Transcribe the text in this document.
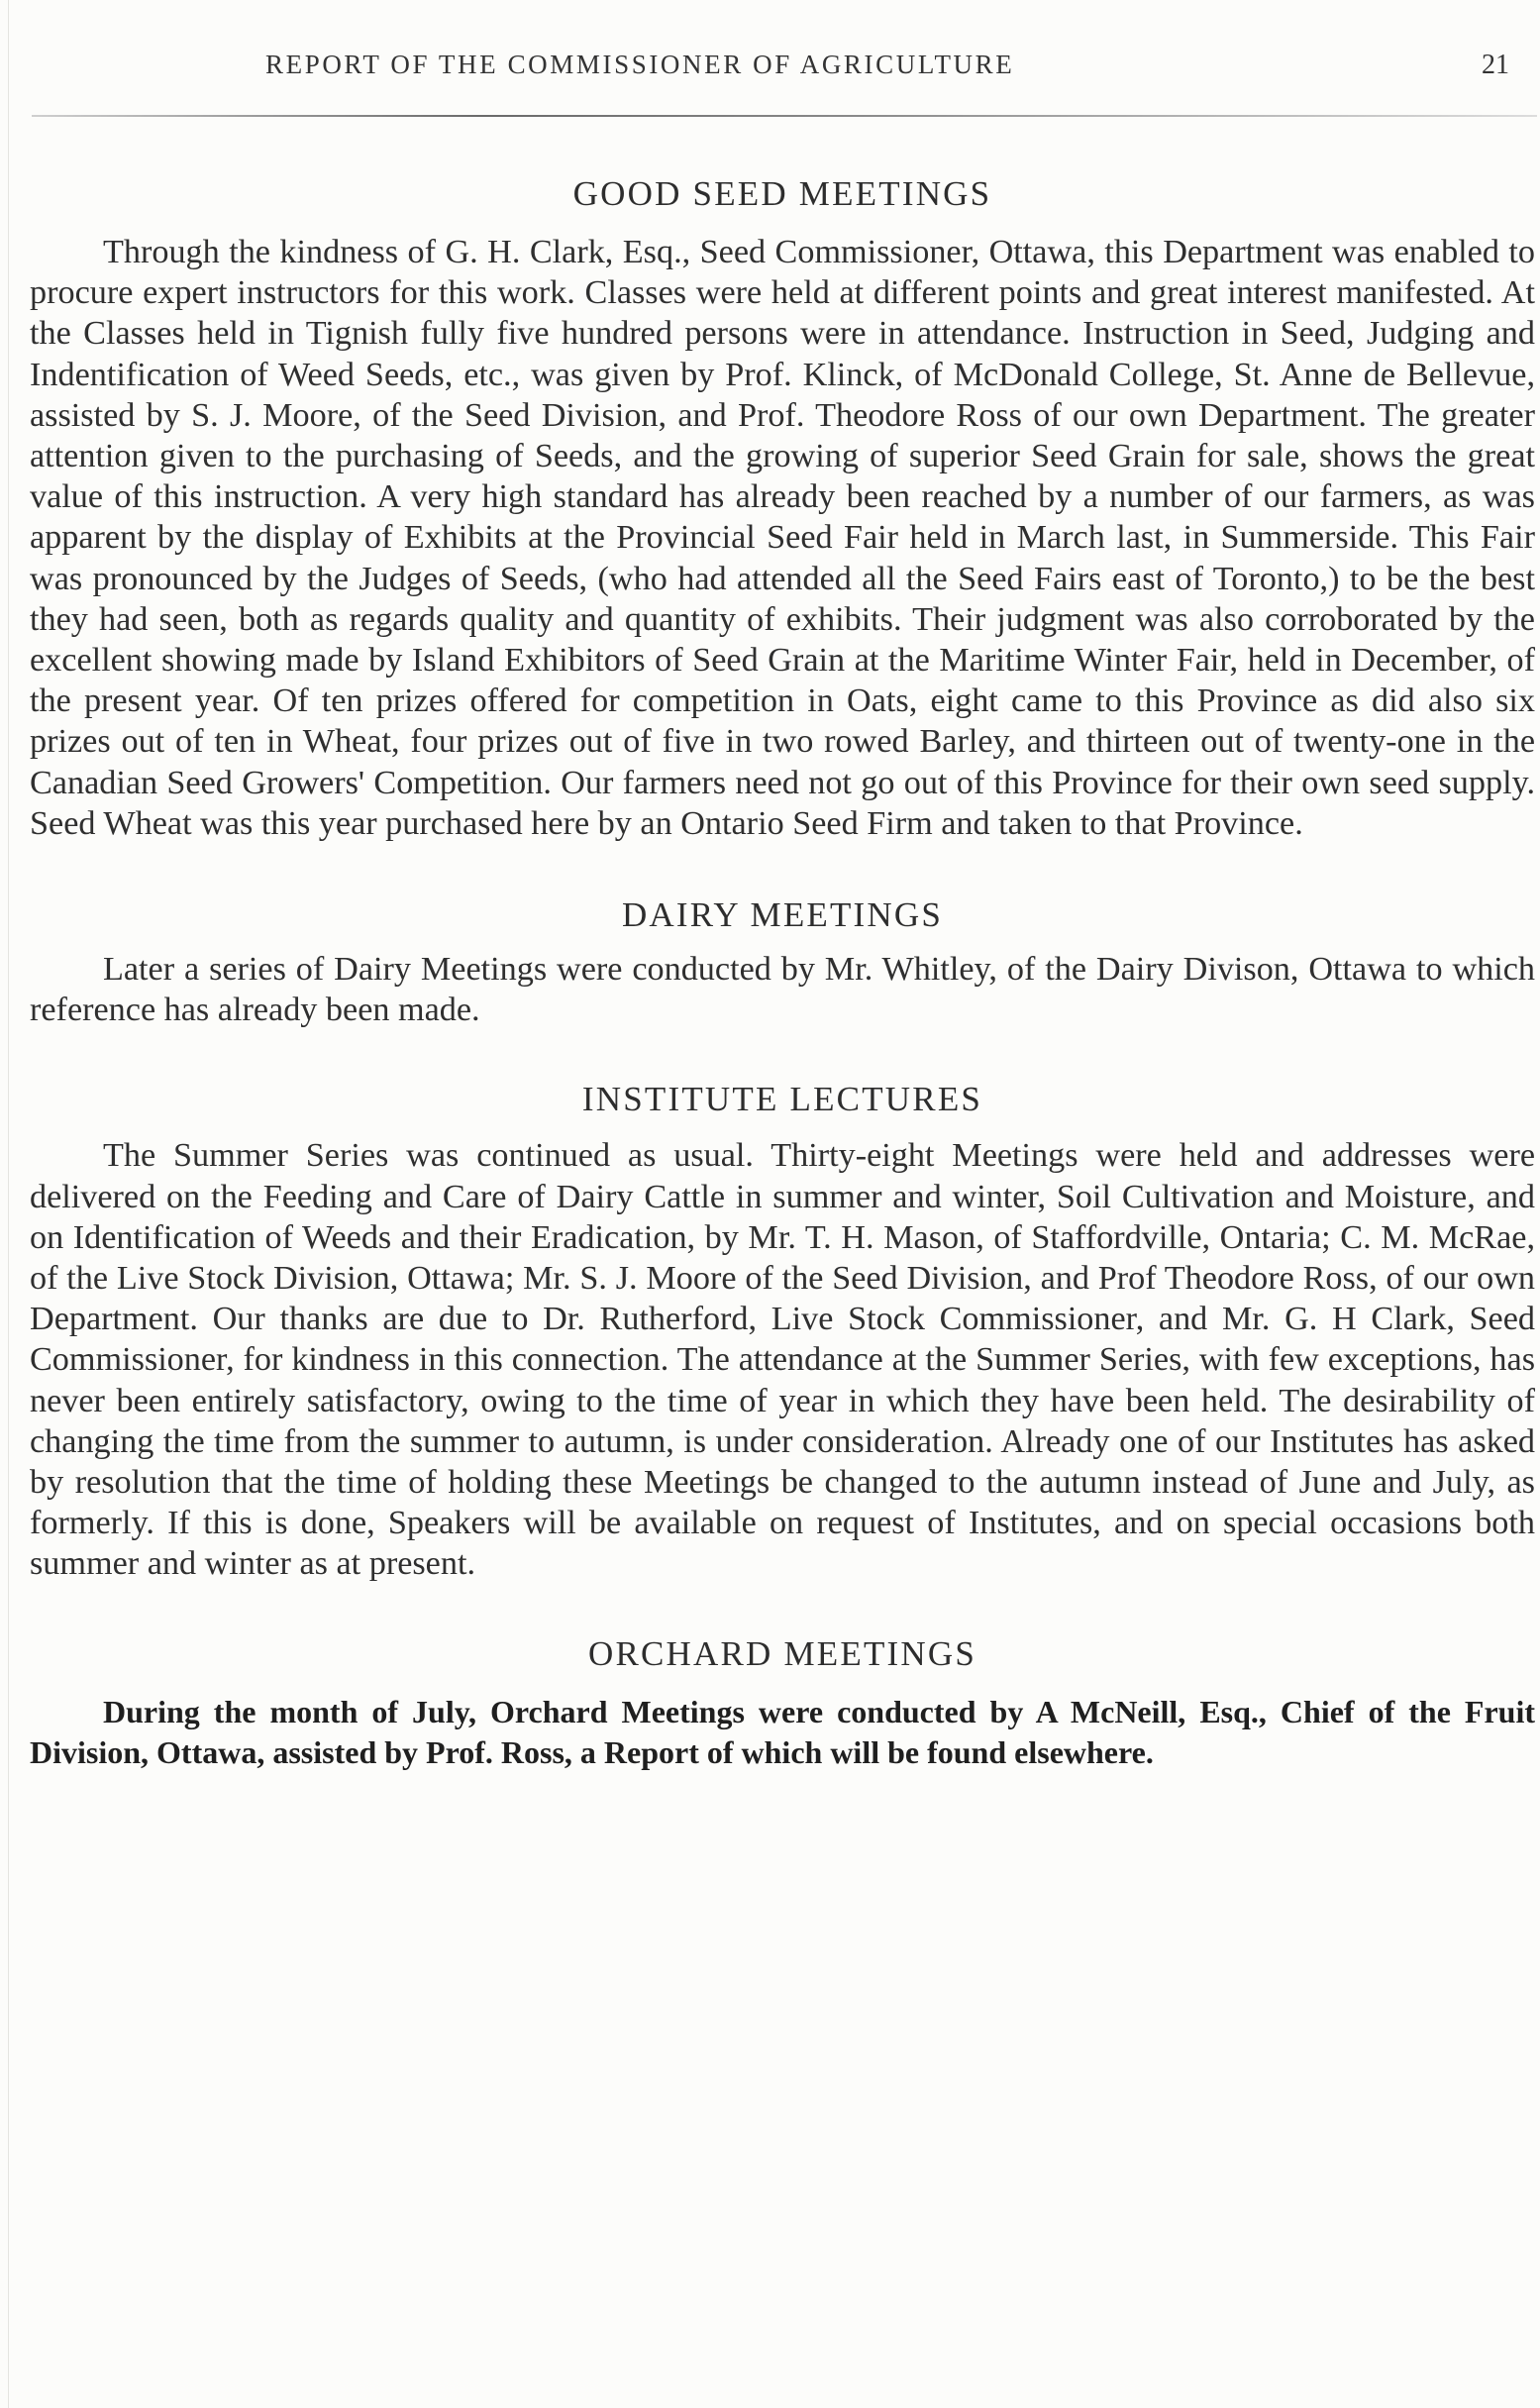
REPORT OF THE COMMISSIONER OF AGRICULTURE	21
GOOD SEED MEETINGS

Through the kindness of G. H. Clark, Esq., Seed Commissioner, Ottawa, this Department was enabled to procure expert instructors for this work. Classes were held at different points and great interest manifested. At the Classes held in Tignish fully five hundred persons were in attendance. Instruction in Seed, Judging and Indentification of Weed Seeds, etc., was given by Prof. Klinck, of McDonald College, St. Anne de Bellevue, assisted by S. J. Moore, of the Seed Division, and Prof. Theodore Ross of our own Department. The greater attention given to the purchasing of Seeds, and the growing of superior Seed Grain for sale, shows the great value of this instruction. A very high standard has already been reached by a number of our farmers, as was apparent by the display of Exhibits at the Provincial Seed Fair held in March last, in Summerside. This Fair was pronounced by the Judges of Seeds, (who had attended all the Seed Fairs east of Toronto,) to be the best they had seen, both as regards quality and quantity of exhibits. Their judgment was also corroborated by the excellent showing made by Island Exhibitors of Seed Grain at the Maritime Winter Fair, held in December, of the present year. Of ten prizes offered for competition in Oats, eight came to this Province as did also six prizes out of ten in Wheat, four prizes out of five in two rowed Barley, and thirteen out of twenty-one in the Canadian Seed Growers' Competition. Our farmers need not go out of this Province for their own seed supply. Seed Wheat was this year purchased here by an Ontario Seed Firm and taken to that Province.

DAIRY MEETINGS

Later a series of Dairy Meetings were conducted by Mr. Whitley, of the Dairy Divison, Ottawa to which reference has already been made.

INSTITUTE LECTURES

The Summer Series was continued as usual. Thirty-eight Meetings were held and addresses were delivered on the Feeding and Care of Dairy Cattle in summer and winter, Soil Cultivation and Moisture, and on Identification of Weeds and their Eradication, by Mr. T. H. Mason, of Staffordville, Ontaria; C. M. McRae, of the Live Stock Division, Ottawa; Mr. S. J. Moore of the Seed Division, and Prof Theodore Ross, of our own Department. Our thanks are due to Dr. Rutherford, Live Stock Commissioner, and Mr. G. H Clark, Seed Commissioner, for kindness in this connection. The attendance at the Summer Series, with few exceptions, has never been entirely satisfactory, owing to the time of year in which they have been held. The desirability of changing the time from the summer to autumn, is under consideration. Already one of our Institutes has asked by resolution that the time of holding these Meetings be changed to the autumn instead of June and July, as formerly. If this is done, Speakers will be available on request of Institutes, and on special occasions both summer and winter as at present.

ORCHARD MEETINGS

During the month of July, Orchard Meetings were conducted by A McNeill, Esq., Chief of the Fruit Division, Ottawa, assisted by Prof. Ross, a Report of which will be found elsewhere.
